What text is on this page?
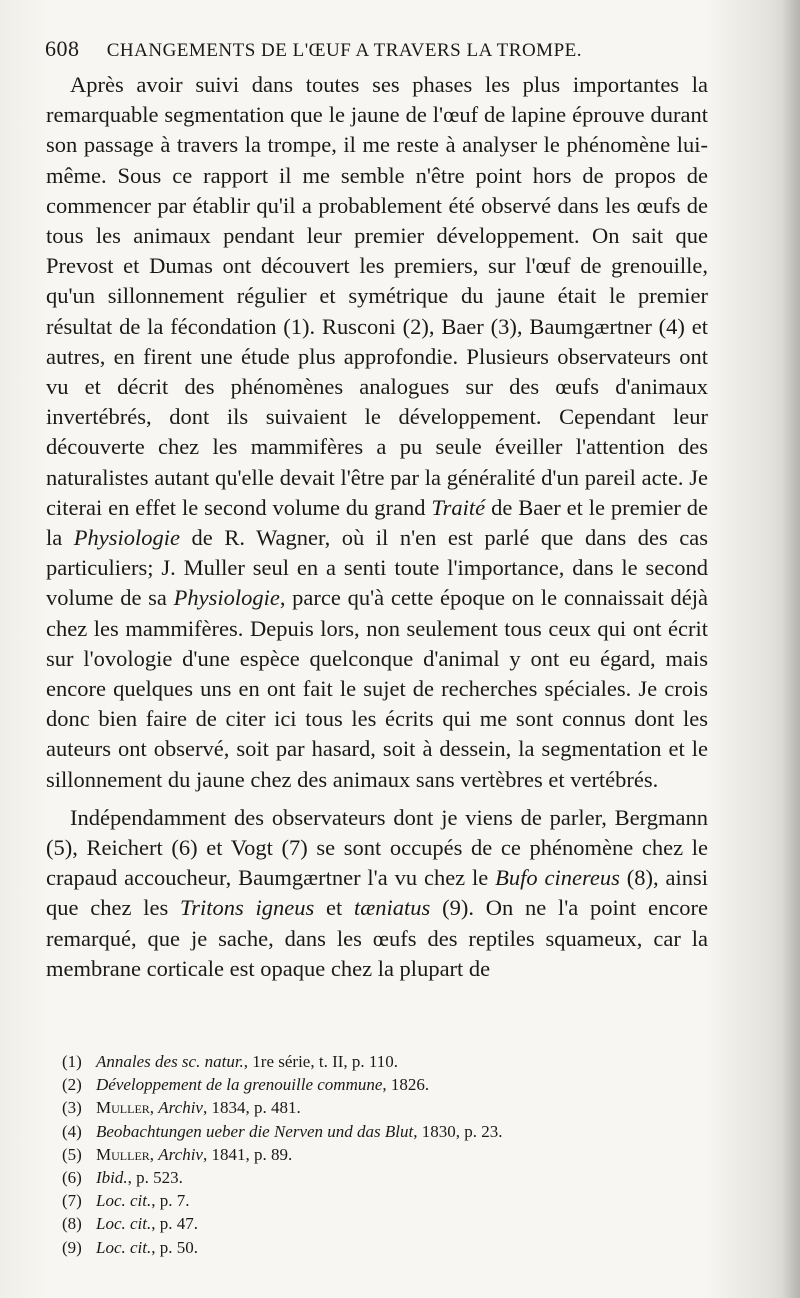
608 CHANGEMENTS DE L'ŒUF A TRAVERS LA TROMPE.

Après avoir suivi dans toutes ses phases les plus importantes la remarquable segmentation que le jaune de l'œuf de lapine éprouve durant son passage à travers la trompe, il me reste à analyser le phénomène lui-même. Sous ce rapport il me semble n'être point hors de propos de commencer par établir qu'il a probablement été observé dans les œufs de tous les animaux pendant leur premier développement. On sait que Prevost et Dumas ont découvert les premiers, sur l'œuf de grenouille, qu'un sillonnement régulier et symétrique du jaune était le premier résultat de la fécondation (1). Rusconi (2), Baer (3), Baumgærtner (4) et autres, en firent une étude plus approfondie. Plusieurs observateurs ont vu et décrit des phénomènes analogues sur des œufs d'animaux invertébrés, dont ils suivaient le développement. Cependant leur découverte chez les mammifères a pu seule éveiller l'attention des naturalistes autant qu'elle devait l'être par la généralité d'un pareil acte. Je citerai en effet le second volume du grand Traité de Baer et le premier de la Physiologie de R. Wagner, où il n'en est parlé que dans des cas particuliers; J. Muller seul en a senti toute l'importance, dans le second volume de sa Physiologie, parce qu'à cette époque on le connaissait déjà chez les mammifères. Depuis lors, non seulement tous ceux qui ont écrit sur l'ovologie d'une espèce quelconque d'animal y ont eu égard, mais encore quelques uns en ont fait le sujet de recherches spéciales. Je crois donc bien faire de citer ici tous les écrits qui me sont connus dont les auteurs ont observé, soit par hasard, soit à dessein, la segmentation et le sillonnement du jaune chez des animaux sans vertèbres et vertébrés.

Indépendamment des observateurs dont je viens de parler, Bergmann (5), Reichert (6) et Vogt (7) se sont occupés de ce phénomène chez le crapaud accoucheur, Baumgærtner l'a vu chez le Bufo cinereus (8), ainsi que chez les Tritons igneus et tæniatus (9). On ne l'a point encore remarqué, que je sache, dans les œufs des reptiles squameux, car la membrane corticale est opaque chez la plupart de

(1) Annales des sc. natur., 1re série, t. II, p. 110.
(2) Développement de la grenouille commune, 1826.
(3) Muller, Archiv, 1834, p. 481.
(4) Beobachtungen ueber die Nerven und das Blut, 1830, p. 23.
(5) Muller, Archiv, 1841, p. 89.
(6) Ibid., p. 523.
(7) Loc. cit., p. 7.
(8) Loc. cit., p. 47.
(9) Loc. cit., p. 50.
